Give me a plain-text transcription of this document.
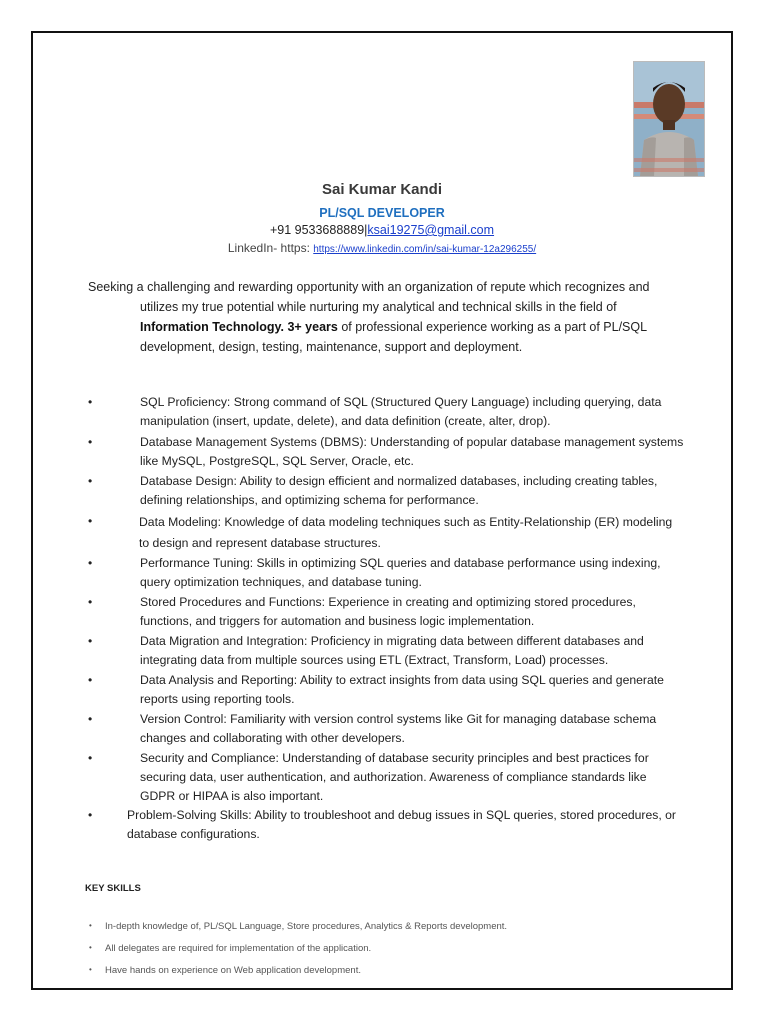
Sai Kumar Kandi
PL/SQL DEVELOPER
+91 9533688889|ksai19275@gmail.com
LinkedIn- https: https://www.linkedin.com/in/sai-kumar-12a296255/
Seeking a challenging and rewarding opportunity with an organization of repute which recognizes and
utilizes my true potential while nurturing my analytical and technical skills in the field of
Information Technology. 3+ years of professional experience working as a part of PL/SQL
development, design, testing, maintenance, support and deployment.
•	SQL Proficiency: Strong command of SQL (Structured Query Language) including querying, data manipulation (insert, update, delete), and data definition (create, alter, drop).
•	Database Management Systems (DBMS): Understanding of popular database management systems like MySQL, PostgreSQL, SQL Server, Oracle, etc.
•	Database Design: Ability to design efficient and normalized databases, including creating tables, defining relationships, and optimizing schema for performance.
•	Data Modeling: Knowledge of data modeling techniques such as Entity-Relationship (ER) modeling to design and represent database structures.
•	Performance Tuning: Skills in optimizing SQL queries and database performance using indexing, query optimization techniques, and database tuning.
•	Stored Procedures and Functions: Experience in creating and optimizing stored procedures, functions, and triggers for automation and business logic implementation.
•	Data Migration and Integration: Proficiency in migrating data between different databases and integrating data from multiple sources using ETL (Extract, Transform, Load) processes.
•	Data Analysis and Reporting: Ability to extract insights from data using SQL queries and generate reports using reporting tools.
•	Version Control: Familiarity with version control systems like Git for managing database schema changes and collaborating with other developers.
•	Security and Compliance: Understanding of database security principles and best practices for securing data, user authentication, and authorization. Awareness of compliance standards like GDPR or HIPAA is also important.
•	Problem-Solving Skills: Ability to troubleshoot and debug issues in SQL queries, stored procedures, or database configurations.
KEY SKILLS
• In-depth knowledge of, PL/SQL Language, Store procedures, Analytics & Reports development.
• All delegates are required for implementation of the application.
• Have hands on experience on Web application development.
